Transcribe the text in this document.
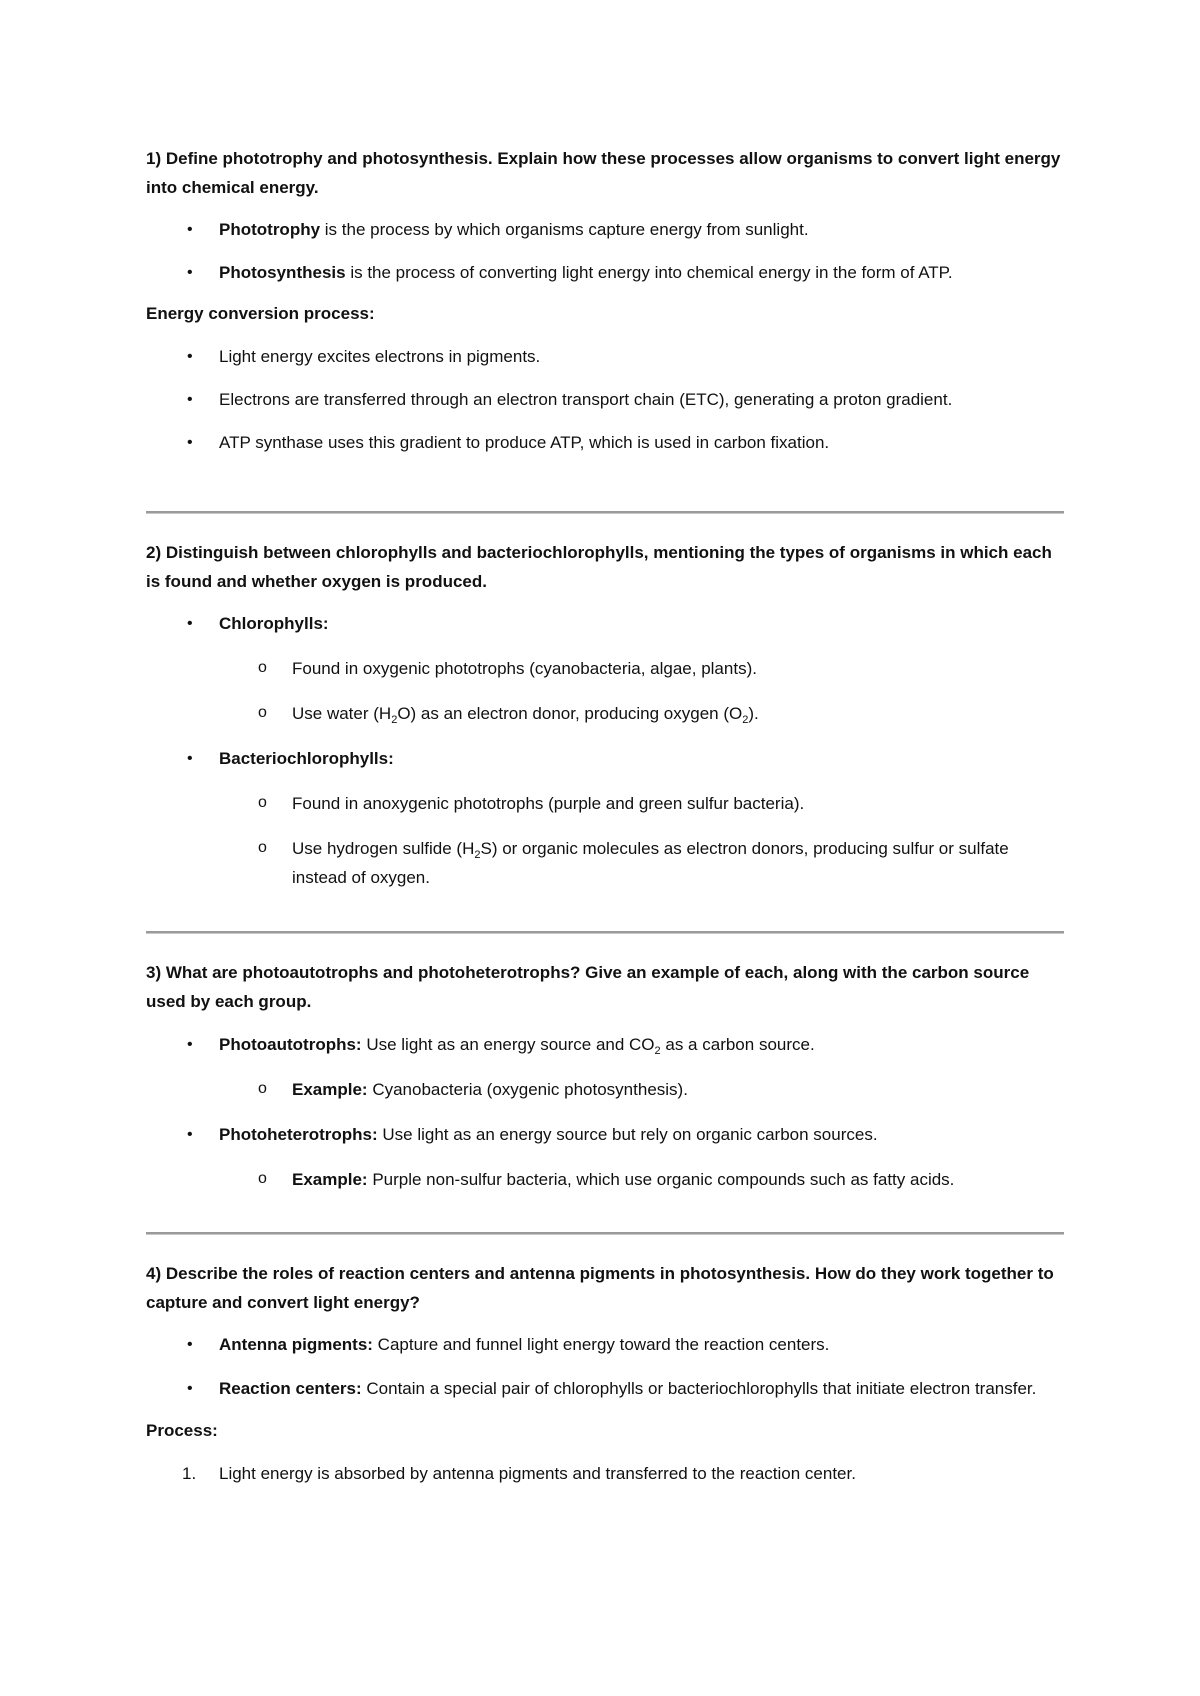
1) Define phototrophy and photosynthesis. Explain how these processes allow organisms to convert light energy into chemical energy.

• Phototrophy is the process by which organisms capture energy from sunlight.

• Photosynthesis is the process of converting light energy into chemical energy in the form of ATP.

Energy conversion process:

• Light energy excites electrons in pigments.

• Electrons are transferred through an electron transport chain (ETC), generating a proton gradient.

• ATP synthase uses this gradient to produce ATP, which is used in carbon fixation.

2) Distinguish between chlorophylls and bacteriochlorophylls, mentioning the types of organisms in which each is found and whether oxygen is produced.

• Chlorophylls:

o Found in oxygenic phototrophs (cyanobacteria, algae, plants).

o Use water $(H_2O)$ as an electron donor, producing oxygen $(O_2)$.

• Bacteriochlorophylls:

o Found in anoxygenic phototrophs (purple and green sulfur bacteria).

o Use hydrogen sulfide $(H_2S)$ or organic molecules as electron donors, producing sulfur or sulfate instead of oxygen.

3) What are photoautotrophs and photoheterotrophs? Give an example of each, along with the carbon source used by each group.

• Photoautotrophs: Use light as an energy source and $CO_2$ as a carbon source.

o Example: Cyanobacteria (oxygenic photosynthesis).

• Photoheterotrophs: Use light as an energy source but rely on organic carbon sources.

o Example: Purple non-sulfur bacteria, which use organic compounds such as fatty acids.

4) Describe the roles of reaction centers and antenna pigments in photosynthesis. How do they work together to capture and convert light energy?

• Antenna pigments: Capture and funnel light energy toward the reaction centers.

• Reaction centers: Contain a special pair of chlorophylls or bacteriochlorophylls that initiate electron transfer.

Process:

1. Light energy is absorbed by antenna pigments and transferred to the reaction center.
